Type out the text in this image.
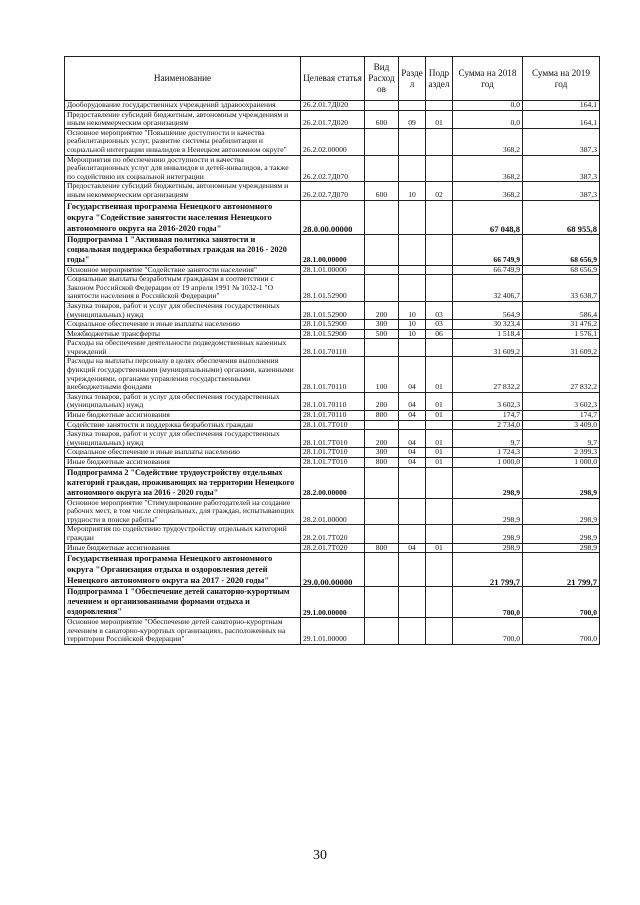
Наименование	Целевая статья	Вид Расход ов	Разде л	Подр аздел	Сумма на 2018 год	Сумма на 2019 год
Дооборудование государственных учреждений здравоохранения	26.2.01.7Д020				0,0	164,1
Предоставление субсидий бюджетным, автономным учреждениям и иным некоммерческим организациям	26.2.01.7Д020	600	09	01	0,0	164,1
Основное мероприятие "Повышение доступности и качества реабилитационных услуг, развитие системы реабилитации и социальной интеграции инвалидов в Ненецком автономном округе"	26.2.02.00000				368,2	387,3
Мероприятия по обеспечению доступности и качества реабилитационных услуг для инвалидов и детей-инвалидов, а также по содействию их социальной интеграции	26.2.02.7Д070				368,2	387,3
Предоставление субсидий бюджетным, автономным учреждениям и иным некоммерческим организациям	26.2.02.7Д070	600	10	02	368,2	387,3
Государственная программа Ненецкого автономного округа "Содействие занятости населения Ненецкого автономного округа на 2016-2020 годы"	28.0.00.00000				67 048,8	68 955,8
Подпрограмма 1 "Активная политика занятости и социальная поддержка безработных граждан на 2016 - 2020 годы"	28.1.00.00000				66 749,9	68 656,9
Основное мероприятие "Содействие занятости населения"	28.1.01.00000				66 749,9	68 656,9
Социальные выплаты безработным гражданам в соответствии с Законом Российской Федерации от 19 апреля 1991 № 1032-1 "О занятости населения в Российской Федерации"	28.1.01.52900				32 406,7	33 638,7
Закупка товаров, работ и услуг для обеспечения государственных (муниципальных) нужд	28.1.01.52900	200	10	03	564,9	586,4
Социальное обеспечение и иные выплаты населению	28.1.01.52900	300	10	03	30 323,4	31 476,2
Межбюджетные трансферты	28.1.01.52900	500	10	06	1 518,4	1 576,1
Расходы на обеспечение деятельности подведомственных казенных учреждений	28.1.01.70110				31 609,2	31 609,2
Расходы на выплаты персоналу в целях обеспечения выполнения функций государственными (муниципальными) органами, казенными учреждениями, органами управления государственными внебюджетными фондами	28.1.01.70110	100	04	01	27 832,2	27 832,2
Закупка товаров, работ и услуг для обеспечения государственных (муниципальных) нужд	28.1.01.70110	200	04	01	3 602,3	3 602,3
Иные бюджетные ассигнования	28.1.01.70110	800	04	01	174,7	174,7
Содействие занятости и поддержка безработных граждан	28.1.01.7Т010				2 734,0	3 409,0
Закупка товаров, работ и услуг для обеспечения государственных (муниципальных) нужд	28.1.01.7Т010	200	04	01	9,7	9,7
Социальное обеспечение и иные выплаты населению	28.1.01.7Т010	300	04	01	1 724,3	2 399,3
Иные бюджетные ассигнования	28.1.01.7Т010	800	04	01	1 000,0	1 000,0
Подпрограмма 2 "Содействие трудоустройству отдельных категорий граждан, проживающих на территории Ненецкого автономного округа на 2016 - 2020 годы"	28.2.00.00000				298,9	298,9
Основное мероприятие "Стимулирование работодателей на создание рабочих мест, в том числе специальных, для граждан, испытывающих трудности в поиске работы"	28.2.01.00000				298,9	298,9
Мероприятия по содействию трудоустройству отдельных категорий граждан	28.2.01.7Т020				298,9	298,9
Иные бюджетные ассигнования	28.2.01.7Т020	800	04	01	298,9	298,9
Государственная программа Ненецкого автономного округа "Организация отдыха и оздоровления детей Ненецкого автономного округа на 2017 - 2020 годы"	29.0.00.00000				21 799,7	21 799,7
Подпрограмма 1 "Обеспечение детей санаторно-курортным лечением и организованными формами отдыха и оздоровления"	29.1.00.00000				700,0	700,0
Основное мероприятие "Обеспечение детей санаторно-курортным лечением в санаторно-курортных организациях, расположенных на территории Российской Федерации"	29.1.01.00000				700,0	700,0
30
